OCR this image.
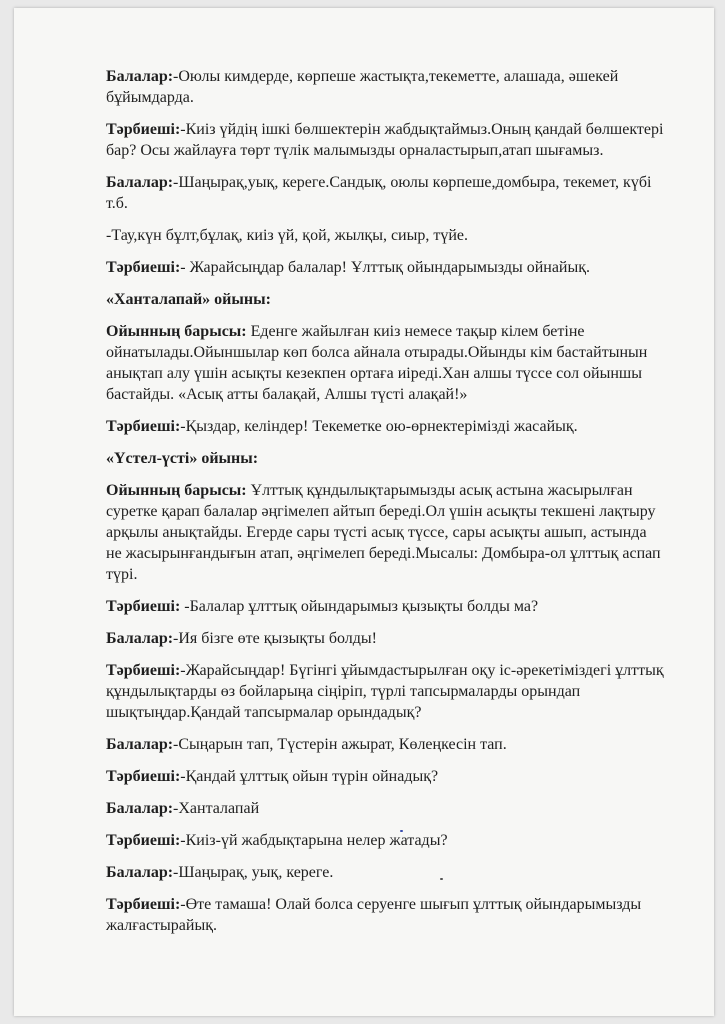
Балалар:-Оюлы кимдерде, көрпеше жастықта,текеметте, алашада, әшекей бұйымдарда.

Тәрбиеші:-Киіз үйдің ішкі бөлшектерін жабдықтаймыз.Оның қандай бөлшектері бар? Осы жайлауға төрт түлік малымызды орналастырып,атап шығамыз.

Балалар:-Шаңырақ,уық, кереге.Сандық, оюлы көрпеше,домбыра, текемет, күбі т.б.

-Тау,күн бұлт,бұлақ, киіз үй, қой, жылқы, сиыр, түйе.

Тәрбиеші:- Жарайсыңдар балалар! Ұлттық ойындарымызды ойнайық.

«Ханталапай» ойыны:

Ойынның барысы: Еденге жайылған киіз немесе тақыр кілем бетіне ойнатылады.Ойыншылар көп болса айнала отырады.Ойынды кім бастайтынын анықтап алу үшін асықты кезекпен ортаға иіреді.Хан алшы түссе сол ойыншы бастайды. «Асық атты балақай, Алшы түсті алақай!»

Тәрбиеші:-Қыздар, келіндер! Текеметке ою-өрнектерімізді жасайық.

«Үстел-үсті» ойыны:

Ойынның барысы: Ұлттық құндылықтарымызды асық астына жасырылған суретке қарап балалар әңгімелеп айтып береді.Ол үшін асықты текшені лақтыру арқылы анықтайды. Егерде сары түсті асық түссе, сары асықты ашып, астында не жасырынғандығын атап, әңгімелеп береді.Мысалы: Домбыра-ол ұлттық аспап түрі.

Тәрбиеші: -Балалар ұлттық ойындарымыз қызықты болды ма?

Балалар:-Ия бізге өте қызықты болды!

Тәрбиеші:-Жарайсыңдар! Бүгінгі ұйымдастырылған оқу іс-әрекетіміздегі ұлттық құндылықтарды өз бойларыңа сіңіріп, түрлі тапсырмаларды орындап шықтыңдар.Қандай тапсырмалар орындадық?

Балалар:-Сыңарын тап, Түстерін ажырат, Көлеңкесін тап.

Тәрбиеші:-Қандай ұлттық ойын түрін ойнадық?

Балалар:-Ханталапай

Тәрбиеші:-Киіз-үй жабдықтарына нелер жатады?

Балалар:-Шаңырақ, уық, кереге.

Тәрбиеші:-Өте тамаша! Олай болса серуенге шығып ұлттық ойындарымызды жалғастырайық.
